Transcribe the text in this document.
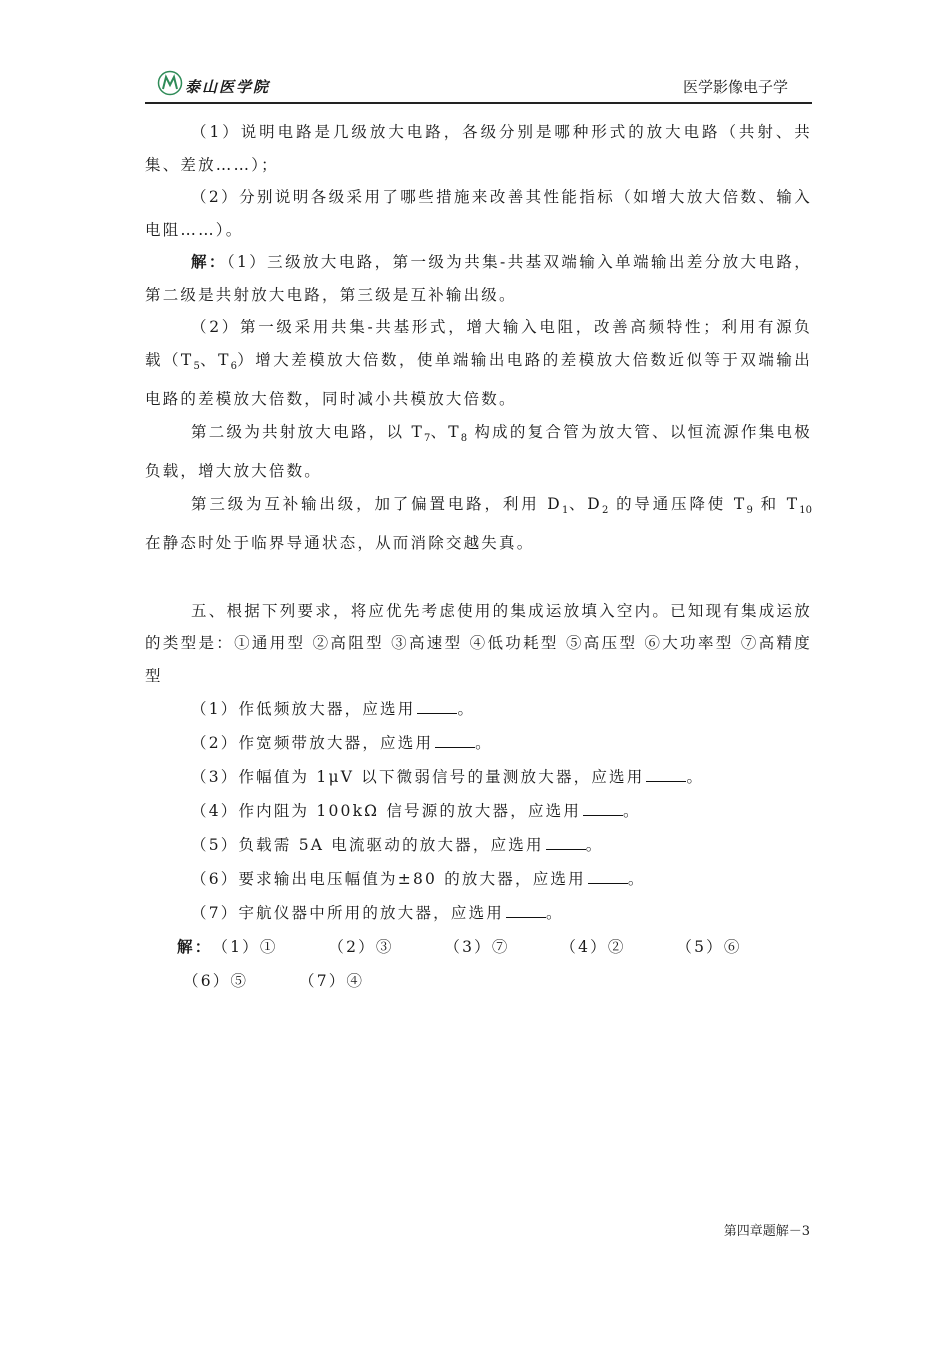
泰山医学院	医学影像电子学

（1）说明电路是几级放大电路，各级分别是哪种形式的放大电路（共射、共集、差放……）；

（2）分别说明各级采用了哪些措施来改善其性能指标（如增大放大倍数、输入电阻……）。

解：（1）三级放大电路，第一级为共集-共基双端输入单端输出差分放大电路，第二级是共射放大电路，第三级是互补输出级。

（2）第一级采用共集-共基形式，增大输入电阻，改善高频特性；利用有源负载（$T_5$、$T_6$）增大差模放大倍数，使单端输出电路的差模放大倍数近似等于双端输出电路的差模放大倍数，同时减小共模放大倍数。

第二级为共射放大电路，以 $T_7$、$T_8$ 构成的复合管为放大管、以恒流源作集电极负载，增大放大倍数。

第三级为互补输出级，加了偏置电路，利用 $D_1$、$D_2$ 的导通压降使 $T_9$ 和 $T_{10}$ 在静态时处于临界导通状态，从而消除交越失真。

五、根据下列要求，将应优先考虑使用的集成运放填入空内。已知现有集成运放的类型是：①通用型 ②高阻型 ③高速型 ④低功耗型 ⑤高压型 ⑥大功率型 ⑦高精度型

（1）作低频放大器，应选用	。

（2）作宽频带放大器，应选用	。

（3）作幅值为 1μV 以下微弱信号的量测放大器，应选用	。

（4）作内阻为 100kΩ 信号源的放大器，应选用	。

（5）负载需 5A 电流驱动的放大器，应选用	。

（6）要求输出电压幅值为±80 的放大器，应选用	。

（7）宇航仪器中所用的放大器，应选用	。

解：（1）①	（2）③	（3）⑦	（4）②	（5）⑥

（6）⑤	（7）④

第四章题解－3
